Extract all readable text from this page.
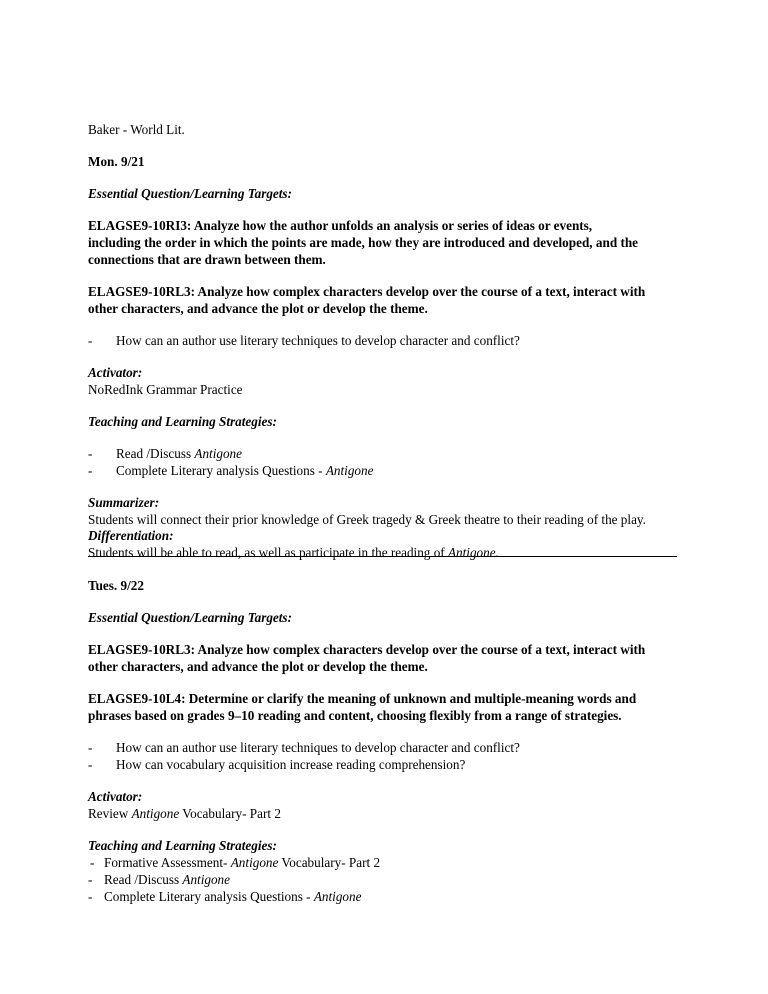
Baker - World Lit.
Mon. 9/21
Essential Question/Learning Targets:
ELAGSE9-10RI3: Analyze how the author unfolds an analysis or series of ideas or events,
including the order in which the points are made, how they are introduced and developed, and the
connections that are drawn between them.
ELAGSE9-10RL3: Analyze how complex characters develop over the course of a text, interact with
other characters, and advance the plot or develop the theme.
- How can an author use literary techniques to develop character and conflict?
Activator:
NoRedInk Grammar Practice
Teaching and Learning Strategies:
- Read /Discuss Antigone
- Complete Literary analysis Questions - Antigone
Summarizer:
Students will connect their prior knowledge of Greek tragedy & Greek theatre to their reading of the play.
Differentiation:
Students will be able to read, as well as participate in the reading of Antigone.
Tues. 9/22
Essential Question/Learning Targets:
ELAGSE9-10RL3: Analyze how complex characters develop over the course of a text, interact with
other characters, and advance the plot or develop the theme.
ELAGSE9-10L4: Determine or clarify the meaning of unknown and multiple-meaning words and
phrases based on grades 9–10 reading and content, choosing flexibly from a range of strategies.
- How can an author use literary techniques to develop character and conflict?
- How can vocabulary acquisition increase reading comprehension?
Activator:
Review Antigone Vocabulary- Part 2
Teaching and Learning Strategies:
- Formative Assessment- Antigone Vocabulary- Part 2
- Read /Discuss Antigone
- Complete Literary analysis Questions - Antigone
